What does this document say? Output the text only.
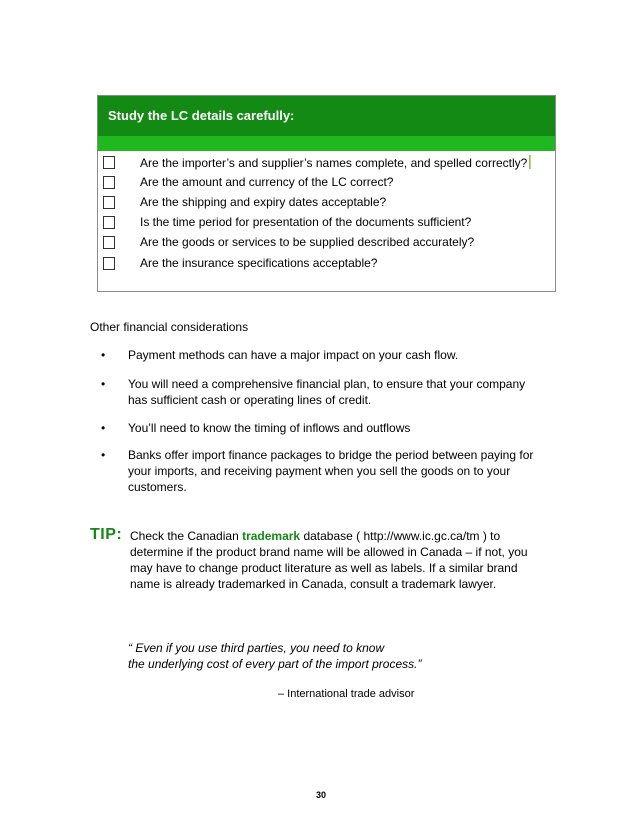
Study the LC details carefully:
Are the importer’s and supplier’s names complete, and spelled correctly?
Are the amount and currency of the LC correct?
Are the shipping and expiry dates acceptable?
Is the time period for presentation of the documents sufficient?
Are the goods or services to be supplied described accurately?
Are the insurance specifications acceptable?
Other financial considerations
• Payment methods can have a major impact on your cash flow.
• You will need a comprehensive financial plan, to ensure that your company
has sufficient cash or operating lines of credit.
• You’ll need to know the timing of inflows and outflows
• Banks offer import finance packages to bridge the period between paying for
your imports, and receiving payment when you sell the goods on to your
customers.
TIP: Check the Canadian trademark database ( http://www.ic.gc.ca/tm ) to
determine if the product brand name will be allowed in Canada – if not, you
may have to change product literature as well as labels. If a similar brand
name is already trademarked in Canada, consult a trademark lawyer.
“ Even if you use third parties, you need to know
the underlying cost of every part of the import process.”
– International trade advisor
30
